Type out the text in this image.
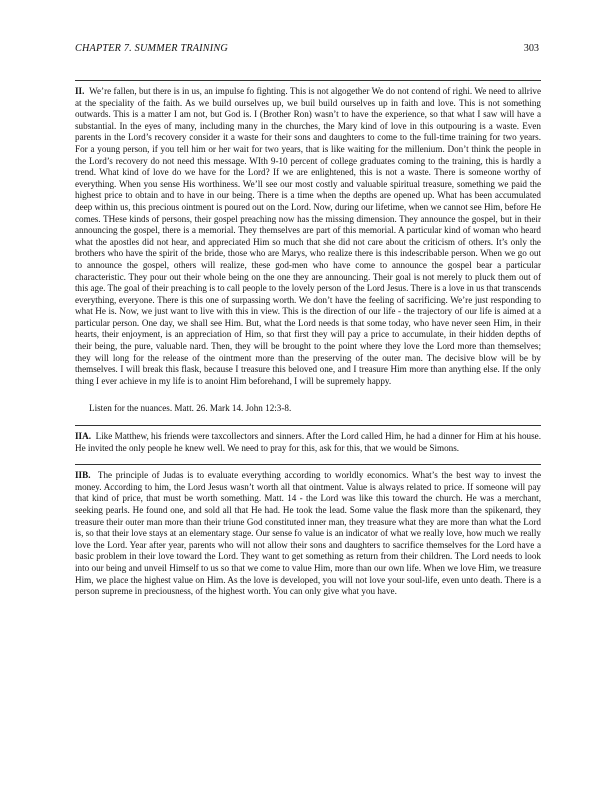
CHAPTER 7. SUMMER TRAINING	303

II. We’re fallen, but there is in us, an impulse fo fighting. This is not algogether We do not contend of righi. We need to allrive at the speciality of the faith. As we build ourselves up, we buil build ourselves up in faith and love. This is not something outwards. This is a matter I am not, but God is. I (Brother Ron) wasn’t to have the experience, so that what I saw will have a substantial. In the eyes of many, including many in the churches, the Mary kind of love in this outpouring is a waste. Even parents in the Lord’s recovery consider it a waste for their sons and daughters to come to the full-time training for two years. For a young person, if you tell him or her wait for two years, that is like waiting for the millenium. Don’t think the people in the Lord’s recovery do not need this message. WIth 9-10 percent of college graduates coming to the training, this is hardly a trend. What kind of love do we have for the Lord? If we are enlightened, this is not a waste. There is someone worthy of everything. When you sense His worthiness. We’ll see our most costly and valuable spiritual treasure, something we paid the highest price to obtain and to have in our being. There is a time when the depths are opened up. What has been accumulated deep within us, this precious ointment is poured out on the Lord. Now, during our lifetime, when we cannot see Him, before He comes. THese kinds of persons, their gospel preaching now has the missing dimension. They announce the gospel, but in their announcing the gospel, there is a memorial. They themselves are part of this memorial. A particular kind of woman who heard what the apostles did not hear, and appreciated Him so much that she did not care about the criticism of others. It’s only the brothers who have the spirit of the bride, those who are Marys, who realize there is this indescribable person. When we go out to announce the gospel, others will realize, these god-men who have come to announce the gospel bear a particular characteristic. They pour out their whole being on the one they are announcing. Their goal is not merely to pluck them out of this age. The goal of their preaching is to call people to the lovely person of the Lord Jesus. There is a love in us that transcends everything, everyone. There is this one of surpassing worth. We don’t have the feeling of sacrificing. We’re just responding to what He is. Now, we just want to live with this in view. This is the direction of our life - the trajectory of our life is aimed at a particular person. One day, we shall see Him. But, what the Lord needs is that some today, who have never seen Him, in their hearts, their enjoyment, is an appreciation of Him, so that first they will pay a price to accumulate, in their hidden depths of their being, the pure, valuable nard. Then, they will be brought to the point where they love the Lord more than themselves; they will long for the release of the ointment more than the preserving of the outer man. The decisive blow will be by themselves. I will break this flask, because I treasure this beloved one, and I treasure Him more than anything else. If the only thing I ever achieve in my life is to anoint Him beforehand, I will be supremely happy.

Listen for the nuances. Matt. 26. Mark 14. John 12:3-8.

IIA. Like Matthew, his friends were taxcollectors and sinners. After the Lord called Him, he had a dinner for Him at his house. He invited the only people he knew well. We need to pray for this, ask for this, that we would be Simons.

IIB. The principle of Judas is to evaluate everything according to worldly economics. What’s the best way to invest the money. According to him, the Lord Jesus wasn’t worth all that ointment. Value is always related to price. If someone will pay that kind of price, that must be worth something. Matt. 14 - the Lord was like this toward the church. He was a merchant, seeking pearls. He found one, and sold all that He had. He took the lead. Some value the flask more than the spikenard, they treasure their outer man more than their triune God constituted inner man, they treasure what they are more than what the Lord is, so that their love stays at an elementary stage. Our sense fo value is an indicator of what we really love, how much we really love the Lord. Year after year, parents who will not allow their sons and daughters to sacrifice themselves for the Lord have a basic problem in their love toward the Lord. They want to get something as return from their children. The Lord needs to look into our being and unveil Himself to us so that we come to value Him, more than our own life. When we love Him, we treasure Him, we place the highest value on Him. As the love is developed, you will not love your soul-life, even unto death. There is a person supreme in preciousness, of the highest worth. You can only give what you have.
